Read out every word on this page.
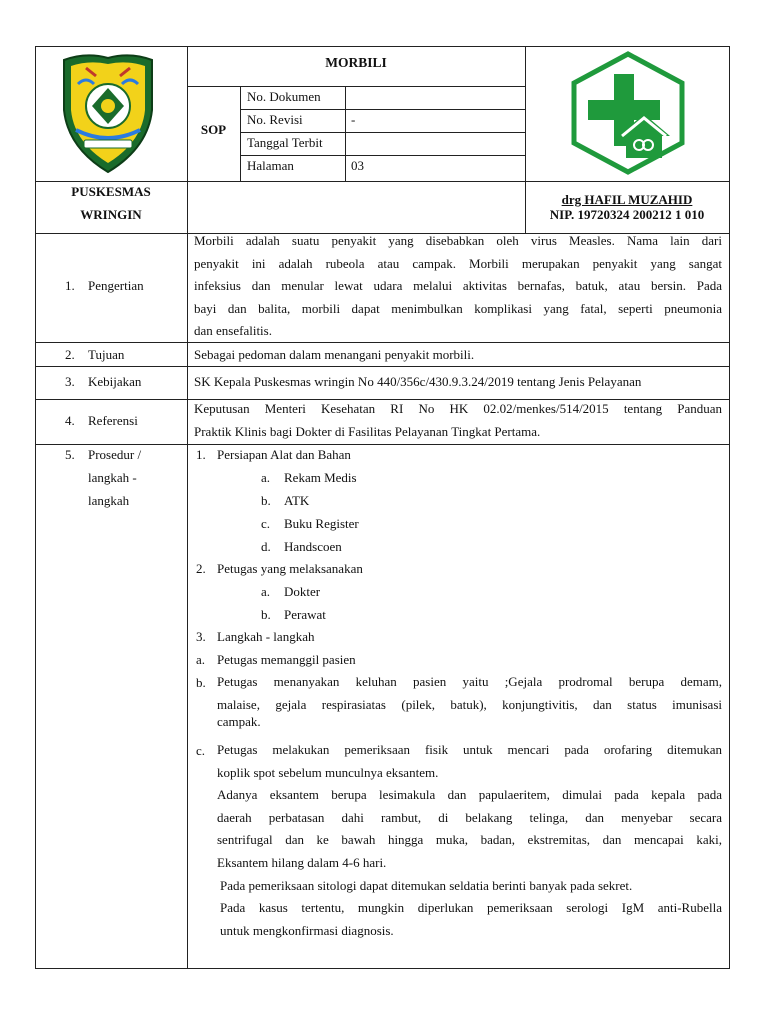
MORBILI
SOP
No. Dokumen
No. Revisi	-
Tanggal Terbit
Halaman	03
PUSKESMAS
WRINGIN
drg HAFIL MUZAHID
NIP. 19720324 200212 1 010
1. Pengertian
2. Tujuan
3. Kebijakan
4. Referensi
5. Prosedur /
langkah -
langkah
Morbili adalah suatu penyakit yang disebabkan oleh virus Measles. Nama lain dari
penyakit ini adalah rubeola atau campak. Morbili merupakan penyakit yang sangat
infeksius dan menular lewat udara melalui aktivitas bernafas, batuk, atau bersin. Pada
bayi dan balita, morbili dapat menimbulkan komplikasi yang fatal, seperti pneumonia
dan ensefalitis.
Sebagai pedoman dalam menangani penyakit morbili.
SK Kepala Puskesmas wringin No 440/356c/430.9.3.24/2019 tentang Jenis Pelayanan
Keputusan Menteri Kesehatan RI No HK 02.02/menkes/514/2015 tentang Panduan
Praktik Klinis bagi Dokter di Fasilitas Pelayanan Tingkat Pertama.
1. Persiapan Alat dan Bahan
a. Rekam Medis
b. ATK
c. Buku Register
d. Handscoen
2. Petugas yang melaksanakan
a. Dokter
b. Perawat
3. Langkah - langkah
a. Petugas memanggil pasien
b. Petugas menanyakan keluhan pasien yaitu ;Gejala prodromal berupa demam,
malaise, gejala respirasiatas (pilek, batuk), konjungtivitis, dan status imunisasi
campak.
c. Petugas melakukan pemeriksaan fisik untuk mencari pada orofaring ditemukan
koplik spot sebelum munculnya eksantem.
Adanya eksantem berupa lesimakula dan papulaeritem, dimulai pada kepala pada
daerah perbatasan dahi rambut, di belakang telinga, dan menyebar secara
sentrifugal dan ke bawah hingga muka, badan, ekstremitas, dan mencapai kaki,
Eksantem hilang dalam 4-6 hari.
Pada pemeriksaan sitologi dapat ditemukan seldatia berinti banyak pada sekret.
Pada kasus tertentu, mungkin diperlukan pemeriksaan serologi IgM anti-Rubella
untuk mengkonfirmasi diagnosis.
